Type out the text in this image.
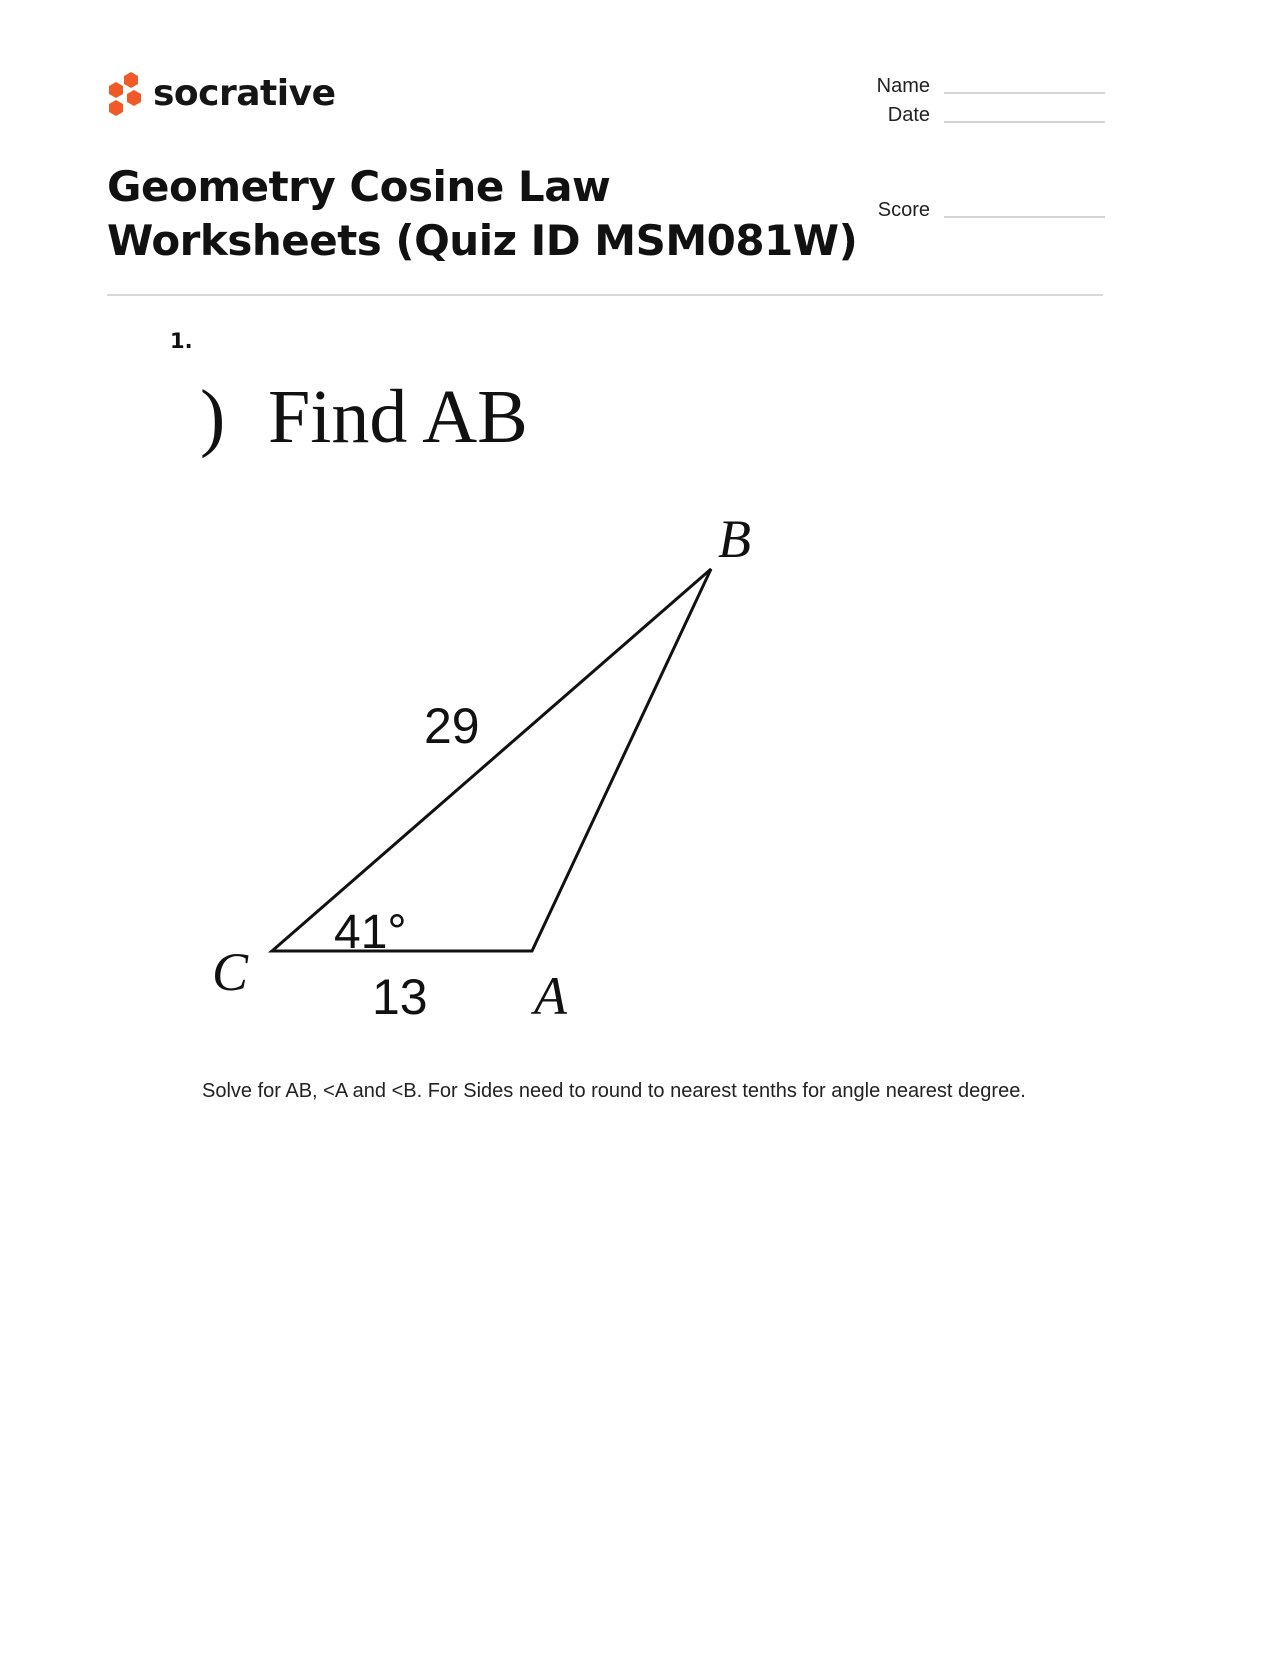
socrative	Name
Date
Score
Geometry Cosine Law Worksheets (Quiz ID MSM081W)
1.
) Find AB
B
C	A
29
13
41°
Solve for AB, <A and <B. For Sides need to round to nearest tenths for angle nearest degree.
